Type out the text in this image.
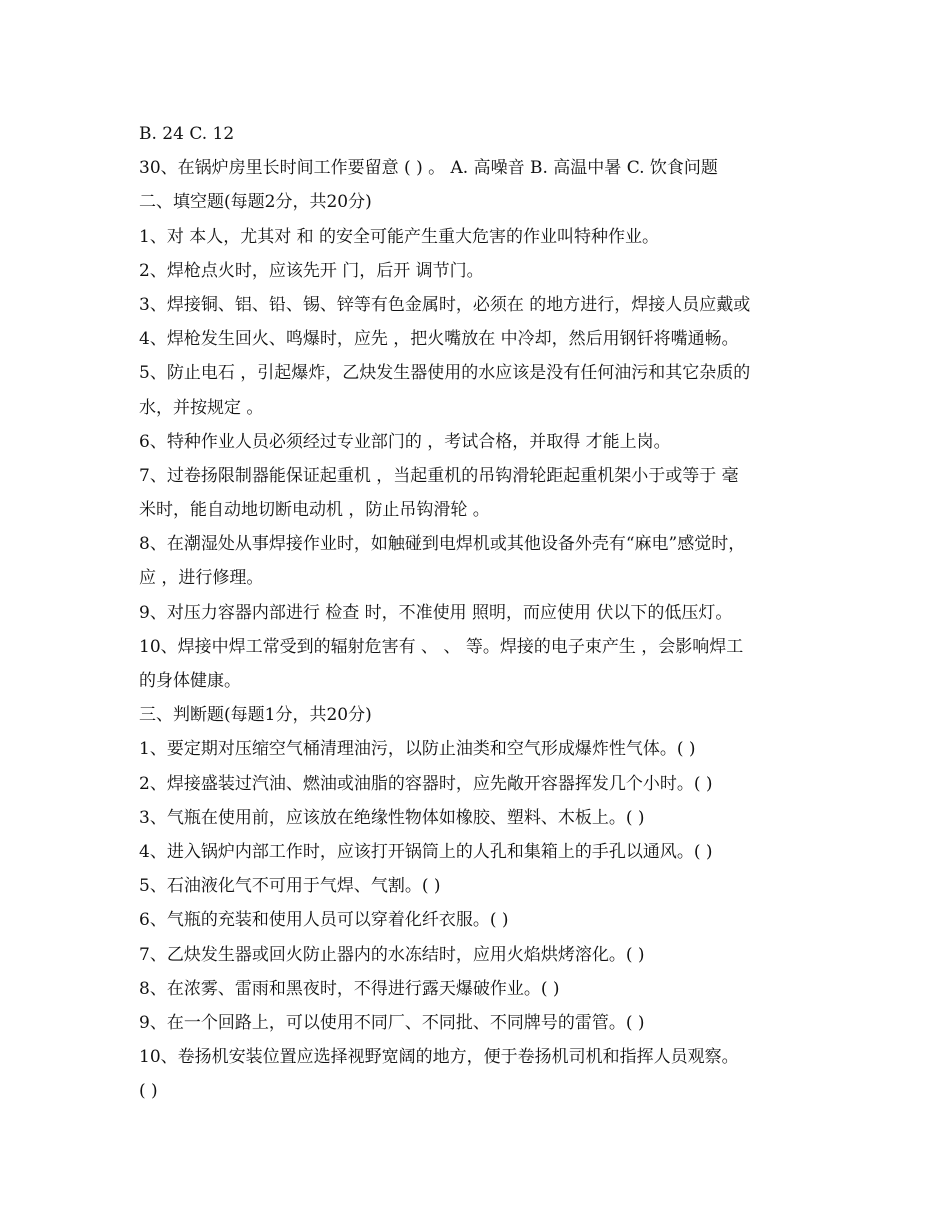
B. 24 C. 12
30、在锅炉房里长时间工作要留意 ( ) 。 A. 高噪音 B. 高温中暑 C. 饮食问题
二、填空题(每题2分，共20分)
1、对 本人，尤其对 和 的安全可能产生重大危害的作业叫特种作业。
2、焊枪点火时，应该先开 门，后开 调节门。
3、焊接铜、铝、铅、锡、锌等有色金属时，必须在 的地方进行，焊接人员应戴或
4、焊枪发生回火、鸣爆时，应先 ，把火嘴放在 中冷却，然后用钢钎将嘴通畅。
5、防止电石 ，引起爆炸，乙炔发生器使用的水应该是没有任何油污和其它杂质的
水，并按规定 。
6、特种作业人员必须经过专业部门的 ，考试合格，并取得 才能上岗。
7、过卷扬限制器能保证起重机 ，当起重机的吊钩滑轮距起重机架小于或等于 毫
米时，能自动地切断电动机 ，防止吊钩滑轮 。
8、在潮湿处从事焊接作业时，如触碰到电焊机或其他设备外壳有“麻电”感觉时，
应 ，进行修理。
9、对压力容器内部进行 检查 时，不准使用 照明，而应使用 伏以下的低压灯。
10、焊接中焊工常受到的辐射危害有 、 、 等。焊接的电子束产生 ，会影响焊工
的身体健康。
三、判断题(每题1分，共20分)
1、要定期对压缩空气桶清理油污，以防止油类和空气形成爆炸性气体。( )
2、焊接盛装过汽油、燃油或油脂的容器时，应先敞开容器挥发几个小时。( )
3、气瓶在使用前，应该放在绝缘性物体如橡胶、塑料、木板上。( )
4、进入锅炉内部工作时，应该打开锅筒上的人孔和集箱上的手孔以通风。( )
5、石油液化气不可用于气焊、气割。( )
6、气瓶的充装和使用人员可以穿着化纤衣服。( )
7、乙炔发生器或回火防止器内的水冻结时，应用火焰烘烤溶化。( )
8、在浓雾、雷雨和黑夜时，不得进行露天爆破作业。( )
9、在一个回路上，可以使用不同厂、不同批、不同牌号的雷管。( )
10、卷扬机安装位置应选择视野宽阔的地方，便于卷扬机司机和指挥人员观察。
( )
